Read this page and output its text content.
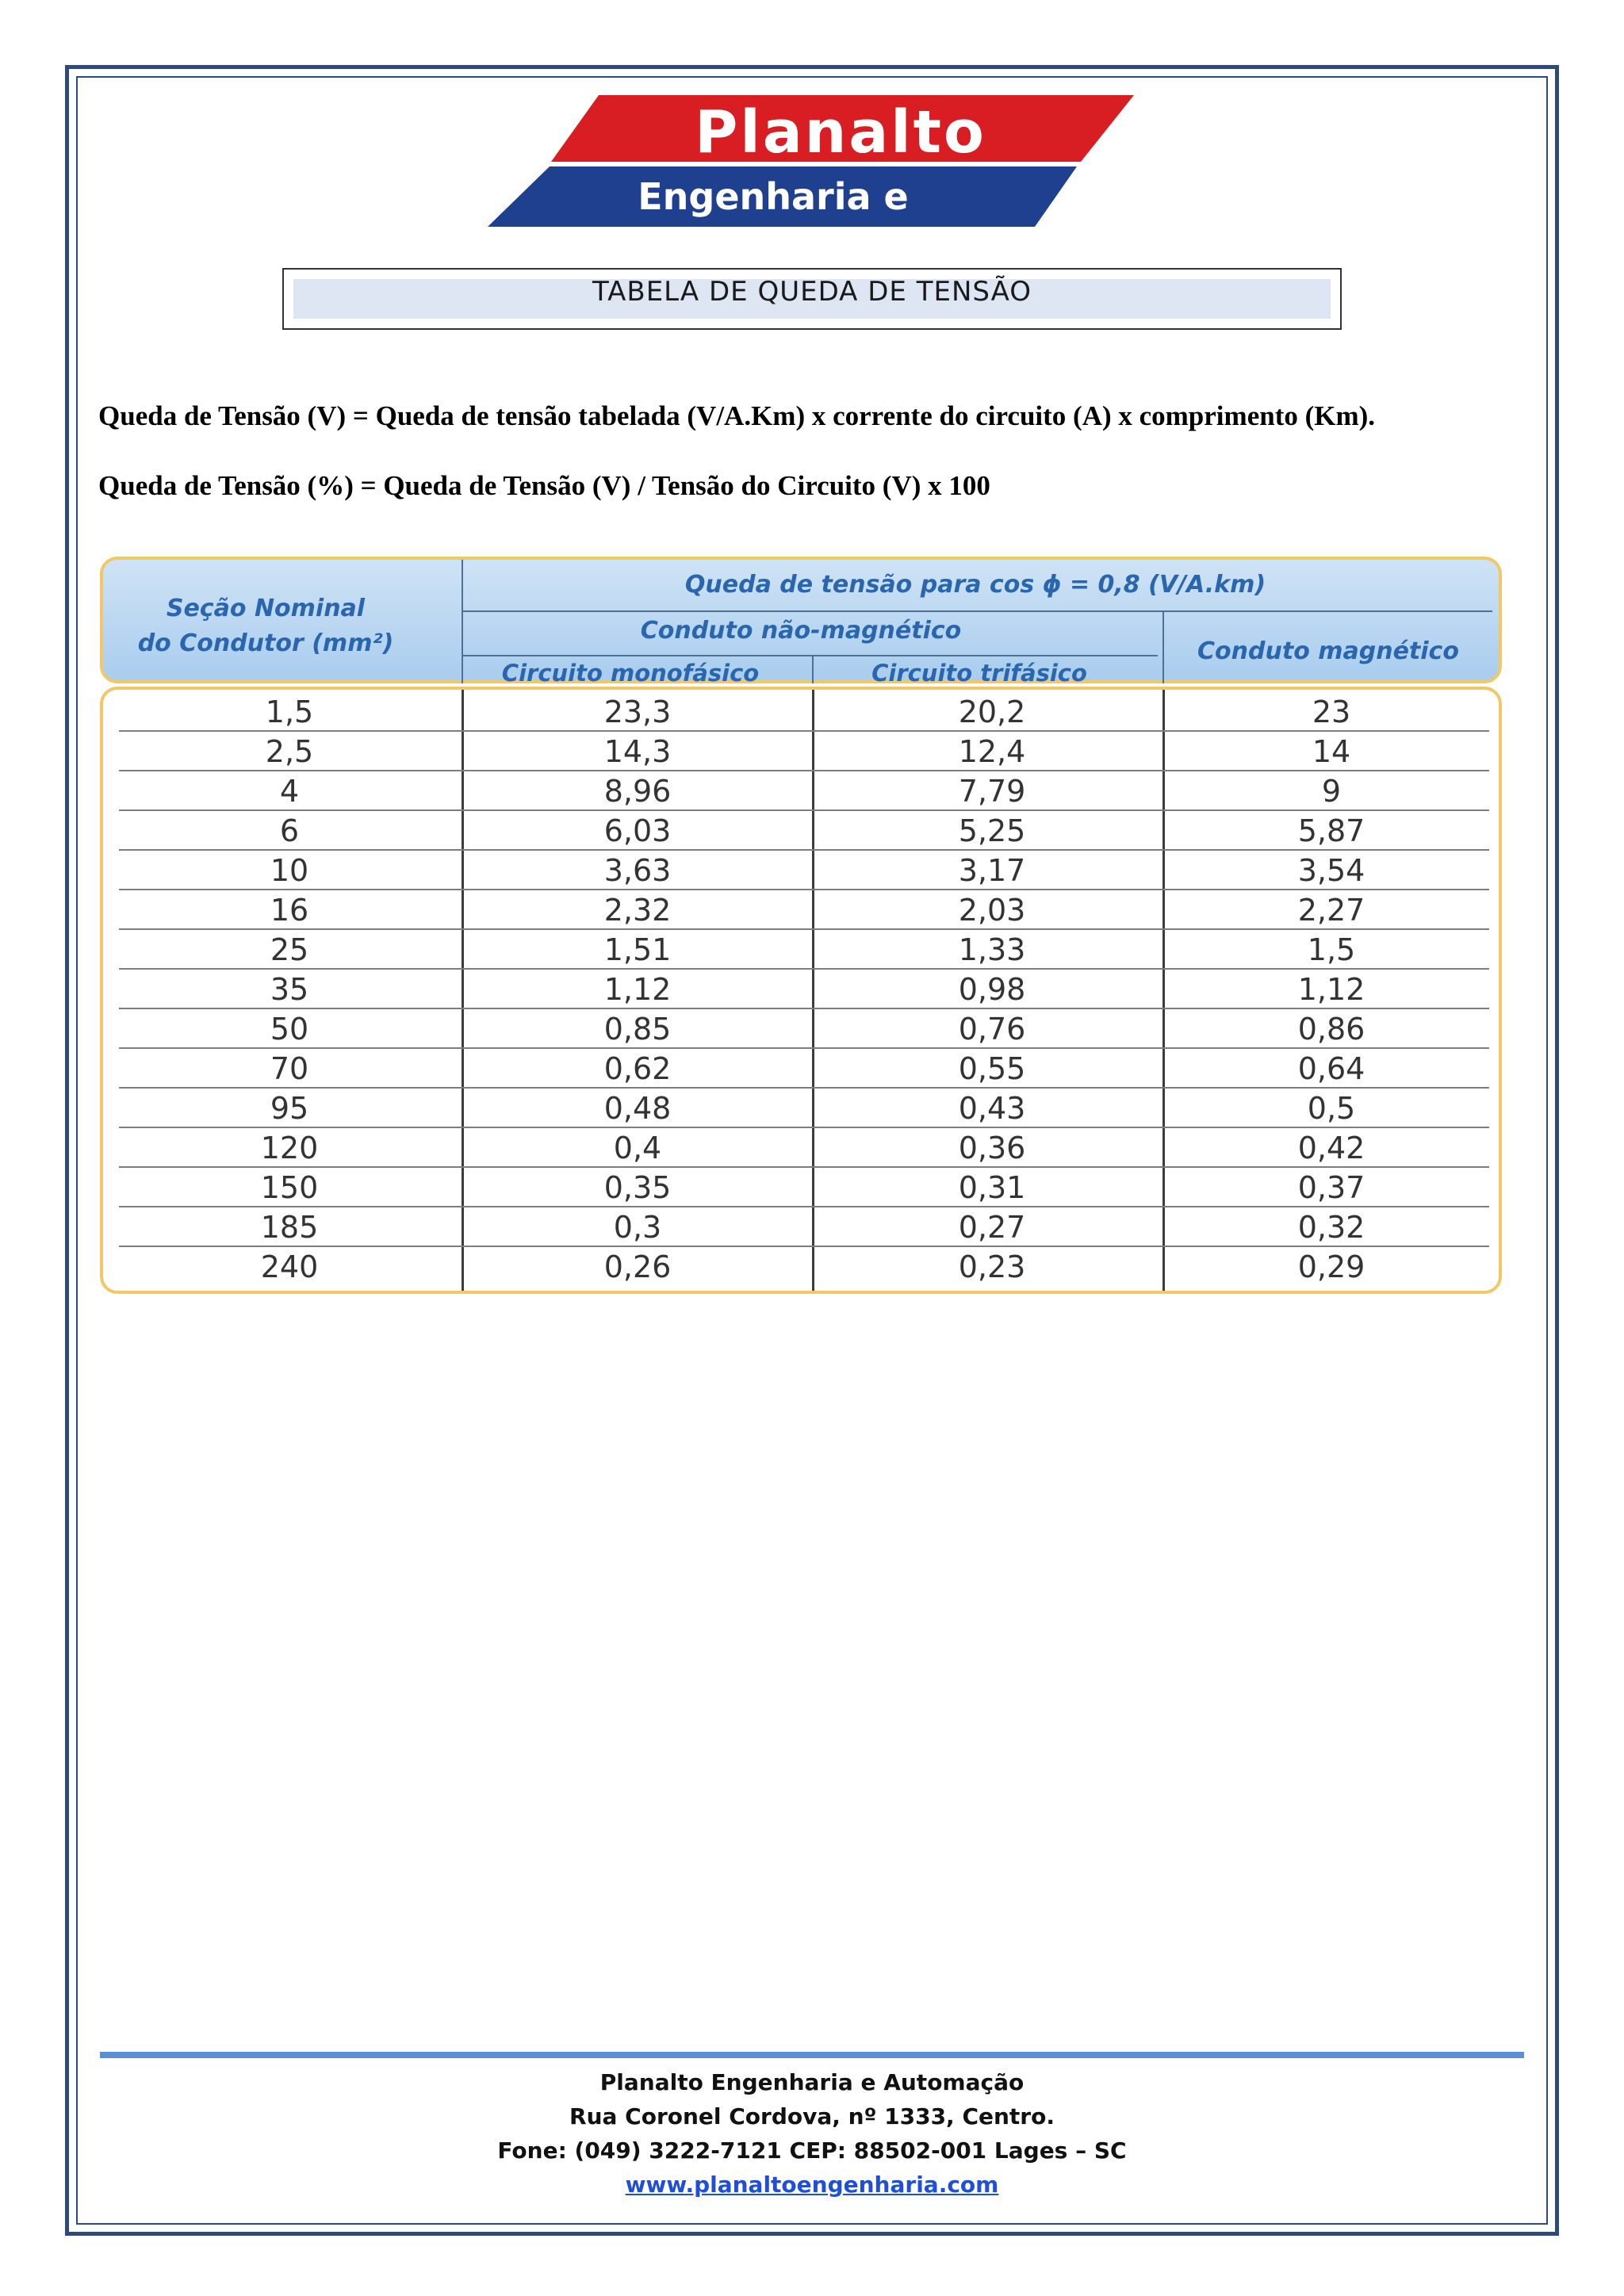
Planalto
Engenharia e Automação
TABELA DE QUEDA DE TENSÃO
Queda de Tensão (V) = Queda de tensão tabelada (V/A.Km) x corrente do circuito (A) x comprimento (Km).
Queda de Tensão (%) = Queda de Tensão (V) / Tensão do Circuito (V) x 100
Seção Nominal
do Condutor (mm²)
Queda de tensão para cos ϕ = 0,8 (V/A.km)
Conduto não-magnético
Conduto magnético
Circuito monofásico	Circuito trifásico
1,5	23,3	20,2	23
2,5	14,3	12,4	14
4	8,96	7,79	9
6	6,03	5,25	5,87
10	3,63	3,17	3,54
16	2,32	2,03	2,27
25	1,51	1,33	1,5
35	1,12	0,98	1,12
50	0,85	0,76	0,86
70	0,62	0,55	0,64
95	0,48	0,43	0,5
120	0,4	0,36	0,42
150	0,35	0,31	0,37
185	0,3	0,27	0,32
240	0,26	0,23	0,29
Planalto Engenharia e Automação
Rua Coronel Cordova, nº 1333, Centro.
Fone: (049) 3222-7121 CEP: 88502-001 Lages – SC
www.planaltoengenharia.com
